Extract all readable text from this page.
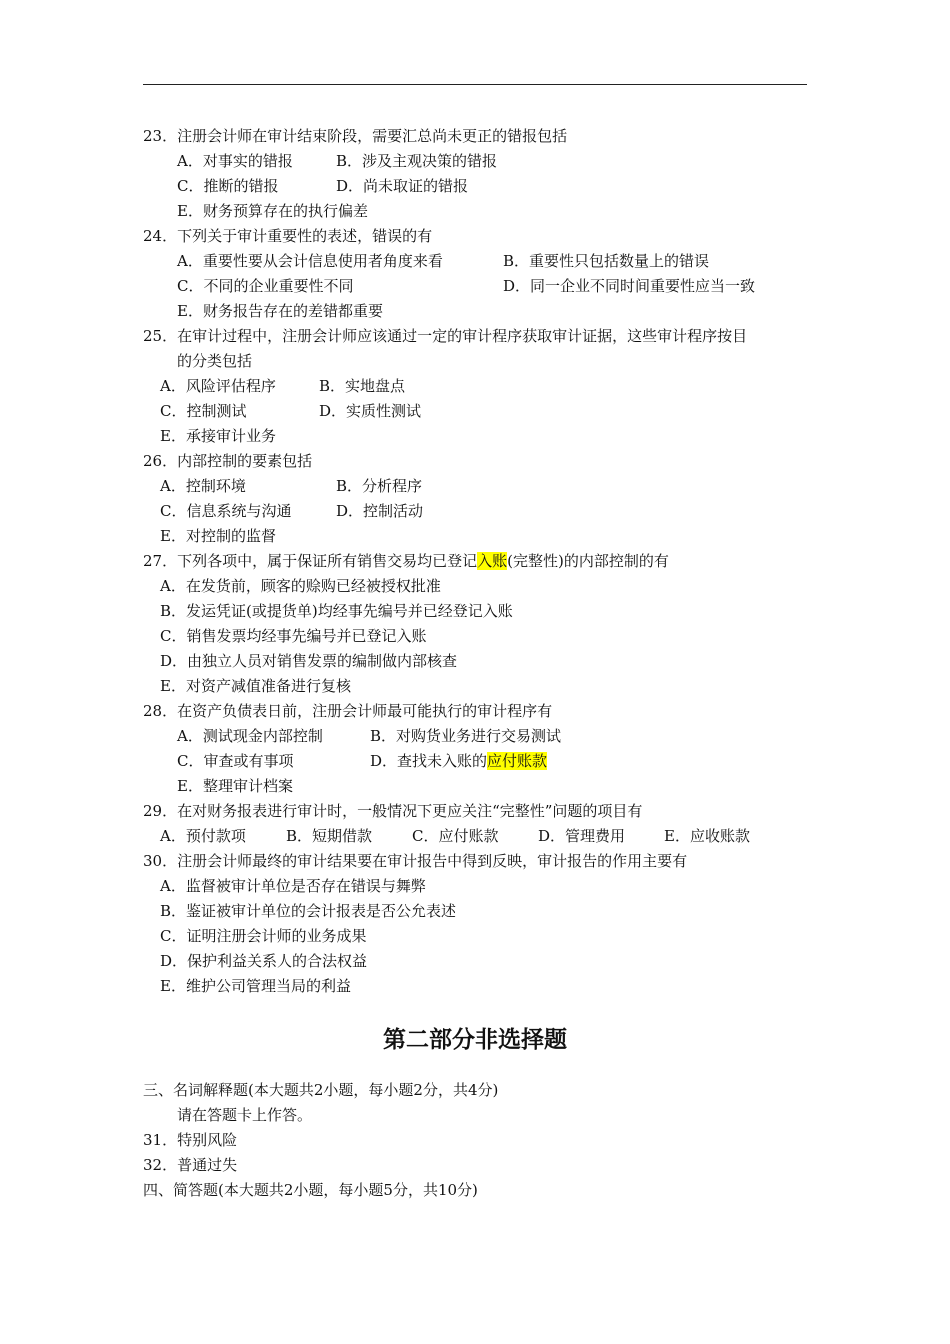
23．注册会计师在审计结束阶段，需要汇总尚未更正的错报包括
A．对事实的错报	B．涉及主观决策的错报
C．推断的错报	D．尚未取证的错报
E．财务预算存在的执行偏差
24．下列关于审计重要性的表述，错误的有
A．重要性要从会计信息使用者角度来看	B．重要性只包括数量上的错误
C．不同的企业重要性不同	D．同一企业不同时间重要性应当一致
E．财务报告存在的差错都重要
25．在审计过程中，注册会计师应该通过一定的审计程序获取审计证据，这些审计程序按目
的分类包括
A．风险评估程序	B．实地盘点
C．控制测试	D．实质性测试
E．承接审计业务
26．内部控制的要素包括
A．控制环境	B．分析程序
C．信息系统与沟通	D．控制活动
E．对控制的监督
27．下列各项中，属于保证所有销售交易均已登记入账(完整性)的内部控制的有
A．在发货前，顾客的赊购已经被授权批准
B．发运凭证(或提货单)均经事先编号并已经登记入账
C．销售发票均经事先编号并已登记入账
D．由独立人员对销售发票的编制做内部核查
E．对资产减值准备进行复核
28．在资产负债表日前，注册会计师最可能执行的审计程序有
A．测试现金内部控制	B．对购货业务进行交易测试
C．审查或有事项	D．查找未入账的应付账款
E．整理审计档案
29．在对财务报表进行审计时，一般情况下更应关注“完整性”问题的项目有
A．预付款项	B．短期借款	C．应付账款	D．管理费用	E．应收账款
30．注册会计师最终的审计结果要在审计报告中得到反映，审计报告的作用主要有
A．监督被审计单位是否存在错误与舞弊
B．鉴证被审计单位的会计报表是否公允表述
C．证明注册会计师的业务成果
D．保护利益关系人的合法权益
E．维护公司管理当局的利益
第二部分非选择题
三、名词解释题(本大题共2小题，每小题2分，共4分)
请在答题卡上作答。
31．特别风险
32．普通过失
四、简答题(本大题共2小题，每小题5分，共10分)
